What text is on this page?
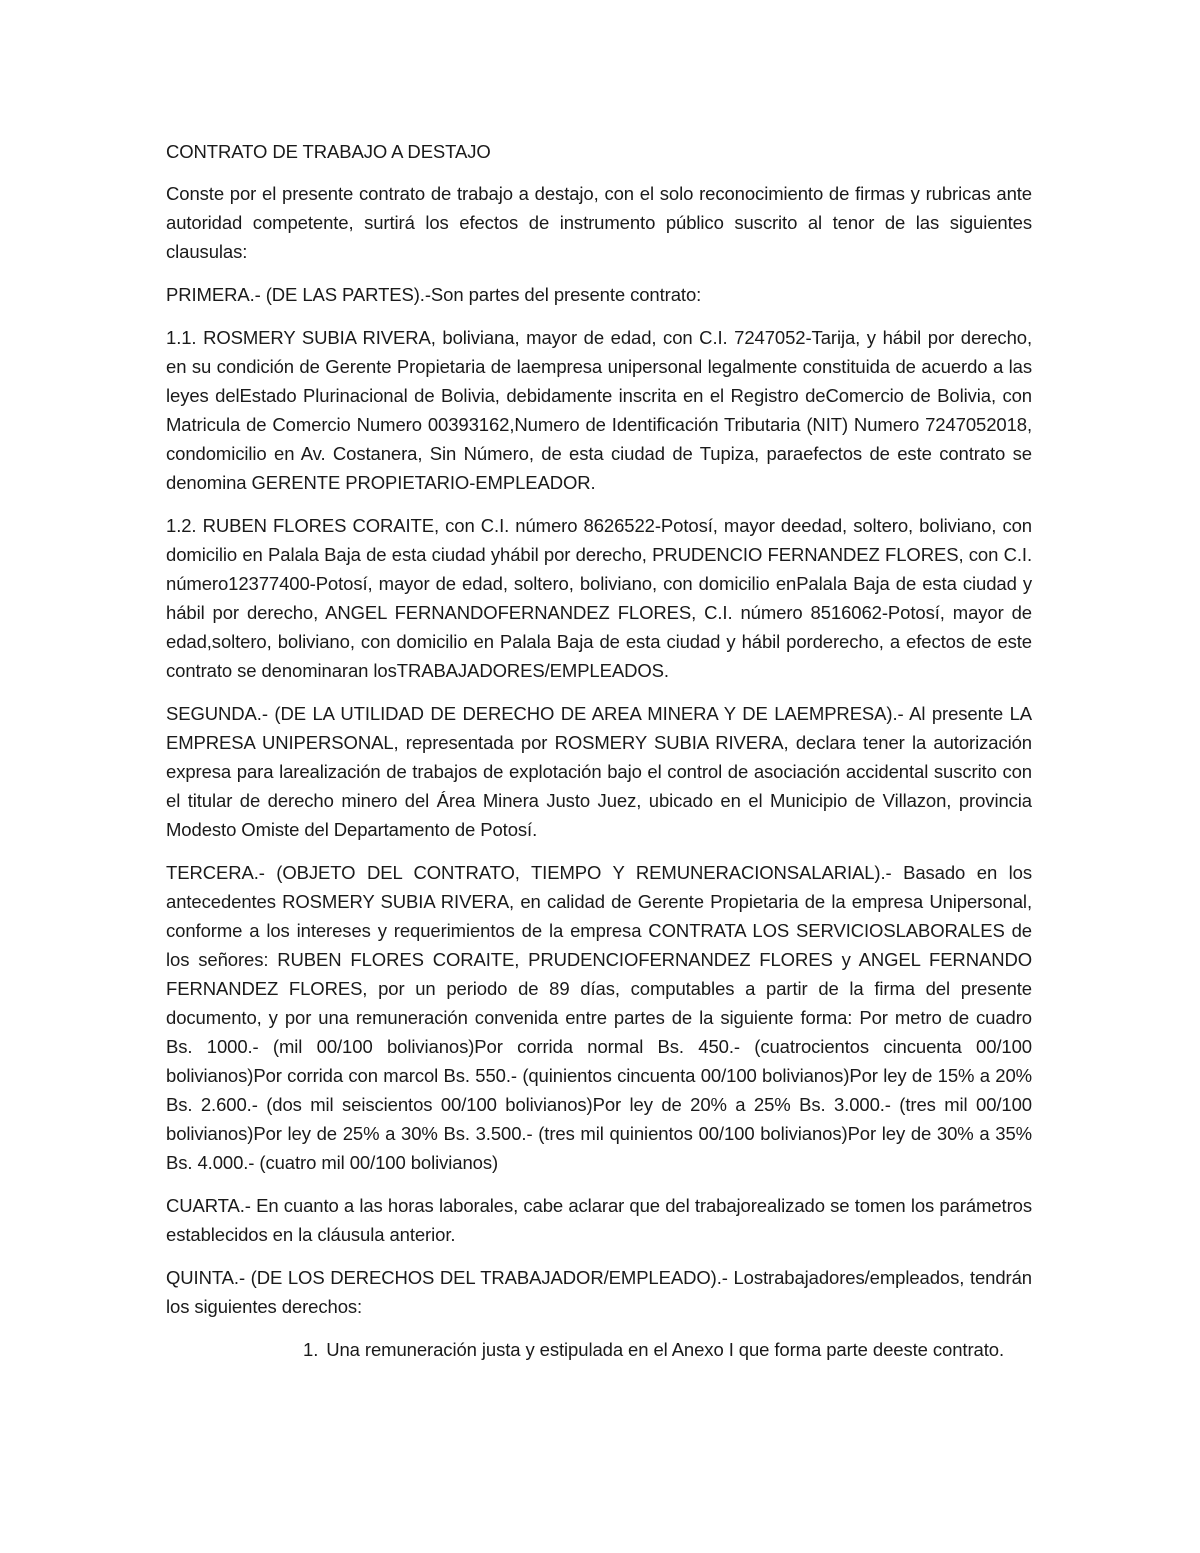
CONTRATO DE TRABAJO A DESTAJO

Conste por el presente contrato de trabajo a destajo, con el solo reconocimiento de firmas y rubricas ante autoridad competente, surtirá los efectos de instrumento público suscrito al tenor de las siguientes clausulas:

PRIMERA.- (DE LAS PARTES).-Son partes del presente contrato:

1.1. ROSMERY SUBIA RIVERA, boliviana, mayor de edad, con C.I. 7247052-Tarija, y hábil por derecho, en su condición de Gerente Propietaria de laempresa unipersonal legalmente constituida de acuerdo a las leyes delEstado Plurinacional de Bolivia, debidamente inscrita en el Registro deComercio de Bolivia, con Matricula de Comercio Numero 00393162,Numero de Identificación Tributaria (NIT) Numero 7247052018, condomicilio en Av. Costanera, Sin Número, de esta ciudad de Tupiza, paraefectos de este contrato se denomina GERENTE PROPIETARIO-EMPLEADOR.

1.2. RUBEN FLORES CORAITE, con C.I. número 8626522-Potosí, mayor deedad, soltero, boliviano, con domicilio en Palala Baja de esta ciudad yhábil por derecho, PRUDENCIO FERNANDEZ FLORES, con C.I. número12377400-Potosí, mayor de edad, soltero, boliviano, con domicilio enPalala Baja de esta ciudad y hábil por derecho, ANGEL FERNANDOFERNANDEZ FLORES, C.I. número 8516062-Potosí, mayor de edad,soltero, boliviano, con domicilio en Palala Baja de esta ciudad y hábil porderecho, a efectos de este contrato se denominaran losTRABAJADORES/EMPLEADOS.

SEGUNDA.- (DE LA UTILIDAD DE DERECHO DE AREA MINERA Y DE LAEMPRESA).- Al presente LA EMPRESA UNIPERSONAL, representada por ROSMERY SUBIA RIVERA, declara tener la autorización expresa para larealización de trabajos de explotación bajo el control de asociación accidental suscrito con el titular de derecho minero del Área Minera Justo Juez, ubicado en el Municipio de Villazon, provincia Modesto Omiste del Departamento de Potosí.

TERCERA.- (OBJETO DEL CONTRATO, TIEMPO Y REMUNERACIONSALARIAL).- Basado en los antecedentes ROSMERY SUBIA RIVERA, en calidad de Gerente Propietaria de la empresa Unipersonal, conforme a los intereses y requerimientos de la empresa CONTRATA LOS SERVICIOSLABORALES de los señores: RUBEN FLORES CORAITE, PRUDENCIOFERNANDEZ FLORES y ANGEL FERNANDO FERNANDEZ FLORES, por un periodo de 89 días, computables a partir de la firma del presente documento, y por una remuneración convenida entre partes de la siguiente forma: Por metro de cuadro Bs. 1000.- (mil 00/100 bolivianos)Por corrida normal Bs. 450.- (cuatrocientos cincuenta 00/100 bolivianos)Por corrida con marcol Bs. 550.- (quinientos cincuenta 00/100 bolivianos)Por ley de 15% a 20% Bs. 2.600.- (dos mil seiscientos 00/100 bolivianos)Por ley de 20% a 25% Bs. 3.000.- (tres mil 00/100 bolivianos)Por ley de 25% a 30% Bs. 3.500.- (tres mil quinientos 00/100 bolivianos)Por ley de 30% a 35% Bs. 4.000.- (cuatro mil 00/100 bolivianos)

CUARTA.- En cuanto a las horas laborales, cabe aclarar que del trabajorealizado se tomen los parámetros establecidos en la cláusula anterior.

QUINTA.- (DE LOS DERECHOS DEL TRABAJADOR/EMPLEADO).- Lostrabajadores/empleados, tendrán los siguientes derechos:

1. Una remuneración justa y estipulada en el Anexo I que forma parte deeste contrato.
